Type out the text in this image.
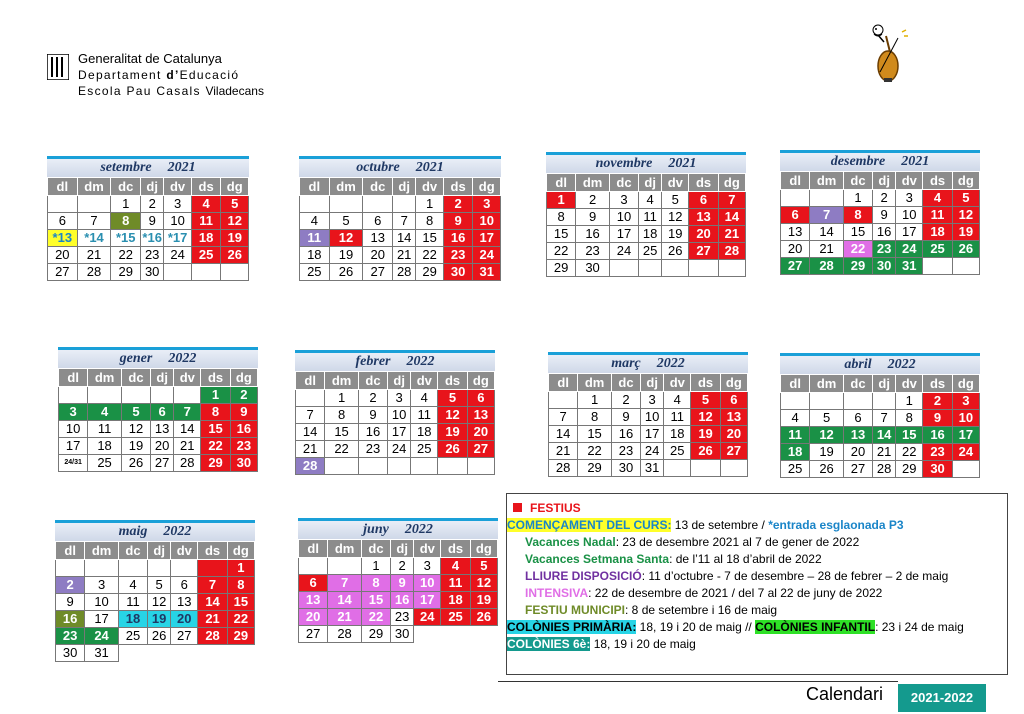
Generalitat de Catalunya
Departament d’Educació
Escola Pau Casals Viladecans
setembre 2021
dl	dm	dc	dj	dv	ds	dg
		1	2	3	4	5
6	7	8	9	10	11	12
*13	*14	*15	*16	*17	18	19
20	21	22	23	24	25	26
27	28	29	30			
octubre 2021
dl	dm	dc	dj	dv	ds	dg
				1	2	3
4	5	6	7	8	9	10
11	12	13	14	15	16	17
18	19	20	21	22	23	24
25	26	27	28	29	30	31
novembre 2021
dl	dm	dc	dj	dv	ds	dg
1	2	3	4	5	6	7
8	9	10	11	12	13	14
15	16	17	18	19	20	21
22	23	24	25	26	27	28
29	30					
desembre 2021
dl	dm	dc	dj	dv	ds	dg
		1	2	3	4	5
6	7	8	9	10	11	12
13	14	15	16	17	18	19
20	21	22	23	24	25	26
27	28	29	30	31		
gener 2022
dl	dm	dc	dj	dv	ds	dg
					1	2
3	4	5	6	7	8	9
10	11	12	13	14	15	16
17	18	19	20	21	22	23
24/31	25	26	27	28	29	30
febrer 2022
dl	dm	dc	dj	dv	ds	dg
	1	2	3	4	5	6
7	8	9	10	11	12	13
14	15	16	17	18	19	20
21	22	23	24	25	26	27
28						
març 2022
dl	dm	dc	dj	dv	ds	dg
	1	2	3	4	5	6
7	8	9	10	11	12	13
14	15	16	17	18	19	20
21	22	23	24	25	26	27
28	29	30	31			
abril 2022
dl	dm	dc	dj	dv	ds	dg
				1	2	3
4	5	6	7	8	9	10
11	12	13	14	15	16	17
18	19	20	21	22	23	24
25	26	27	28	29	30	
maig 2022
dl	dm	dc	dj	dv	ds	dg
						1
2	3	4	5	6	7	8
9	10	11	12	13	14	15
16	17	18	19	20	21	22
23	24	25	26	27	28	29
30	31					
juny 2022
dl	dm	dc	dj	dv	ds	dg
		1	2	3	4	5
6	7	8	9	10	11	12
13	14	15	16	17	18	19
20	21	22	23	24	25	26
27	28	29	30			
FESTIUS
COMENÇAMENT DEL CURS: 13 de setembre / *entrada esglaonada P3
Vacances Nadal: 23 de desembre 2021 al 7 de gener de 2022
Vacances Setmana Santa: de l’11 al 18 d’abril de 2022
LLIURE DISPOSICIÓ: 11 d’octubre - 7 de desembre – 28 de febrer – 2 de maig
INTENSIVA: 22 de desembre de 2021 / del 7 al 22 de juny de 2022
FESTIU MUNICIPI: 8 de setembre i 16 de maig
COLÒNIES PRIMÀRIA: 18, 19 i 20 de maig // COLÒNIES INFANTIL: 23 i 24 de maig
COLÒNIES 6è: 18, 19 i 20 de maig
Calendari	2021-2022
